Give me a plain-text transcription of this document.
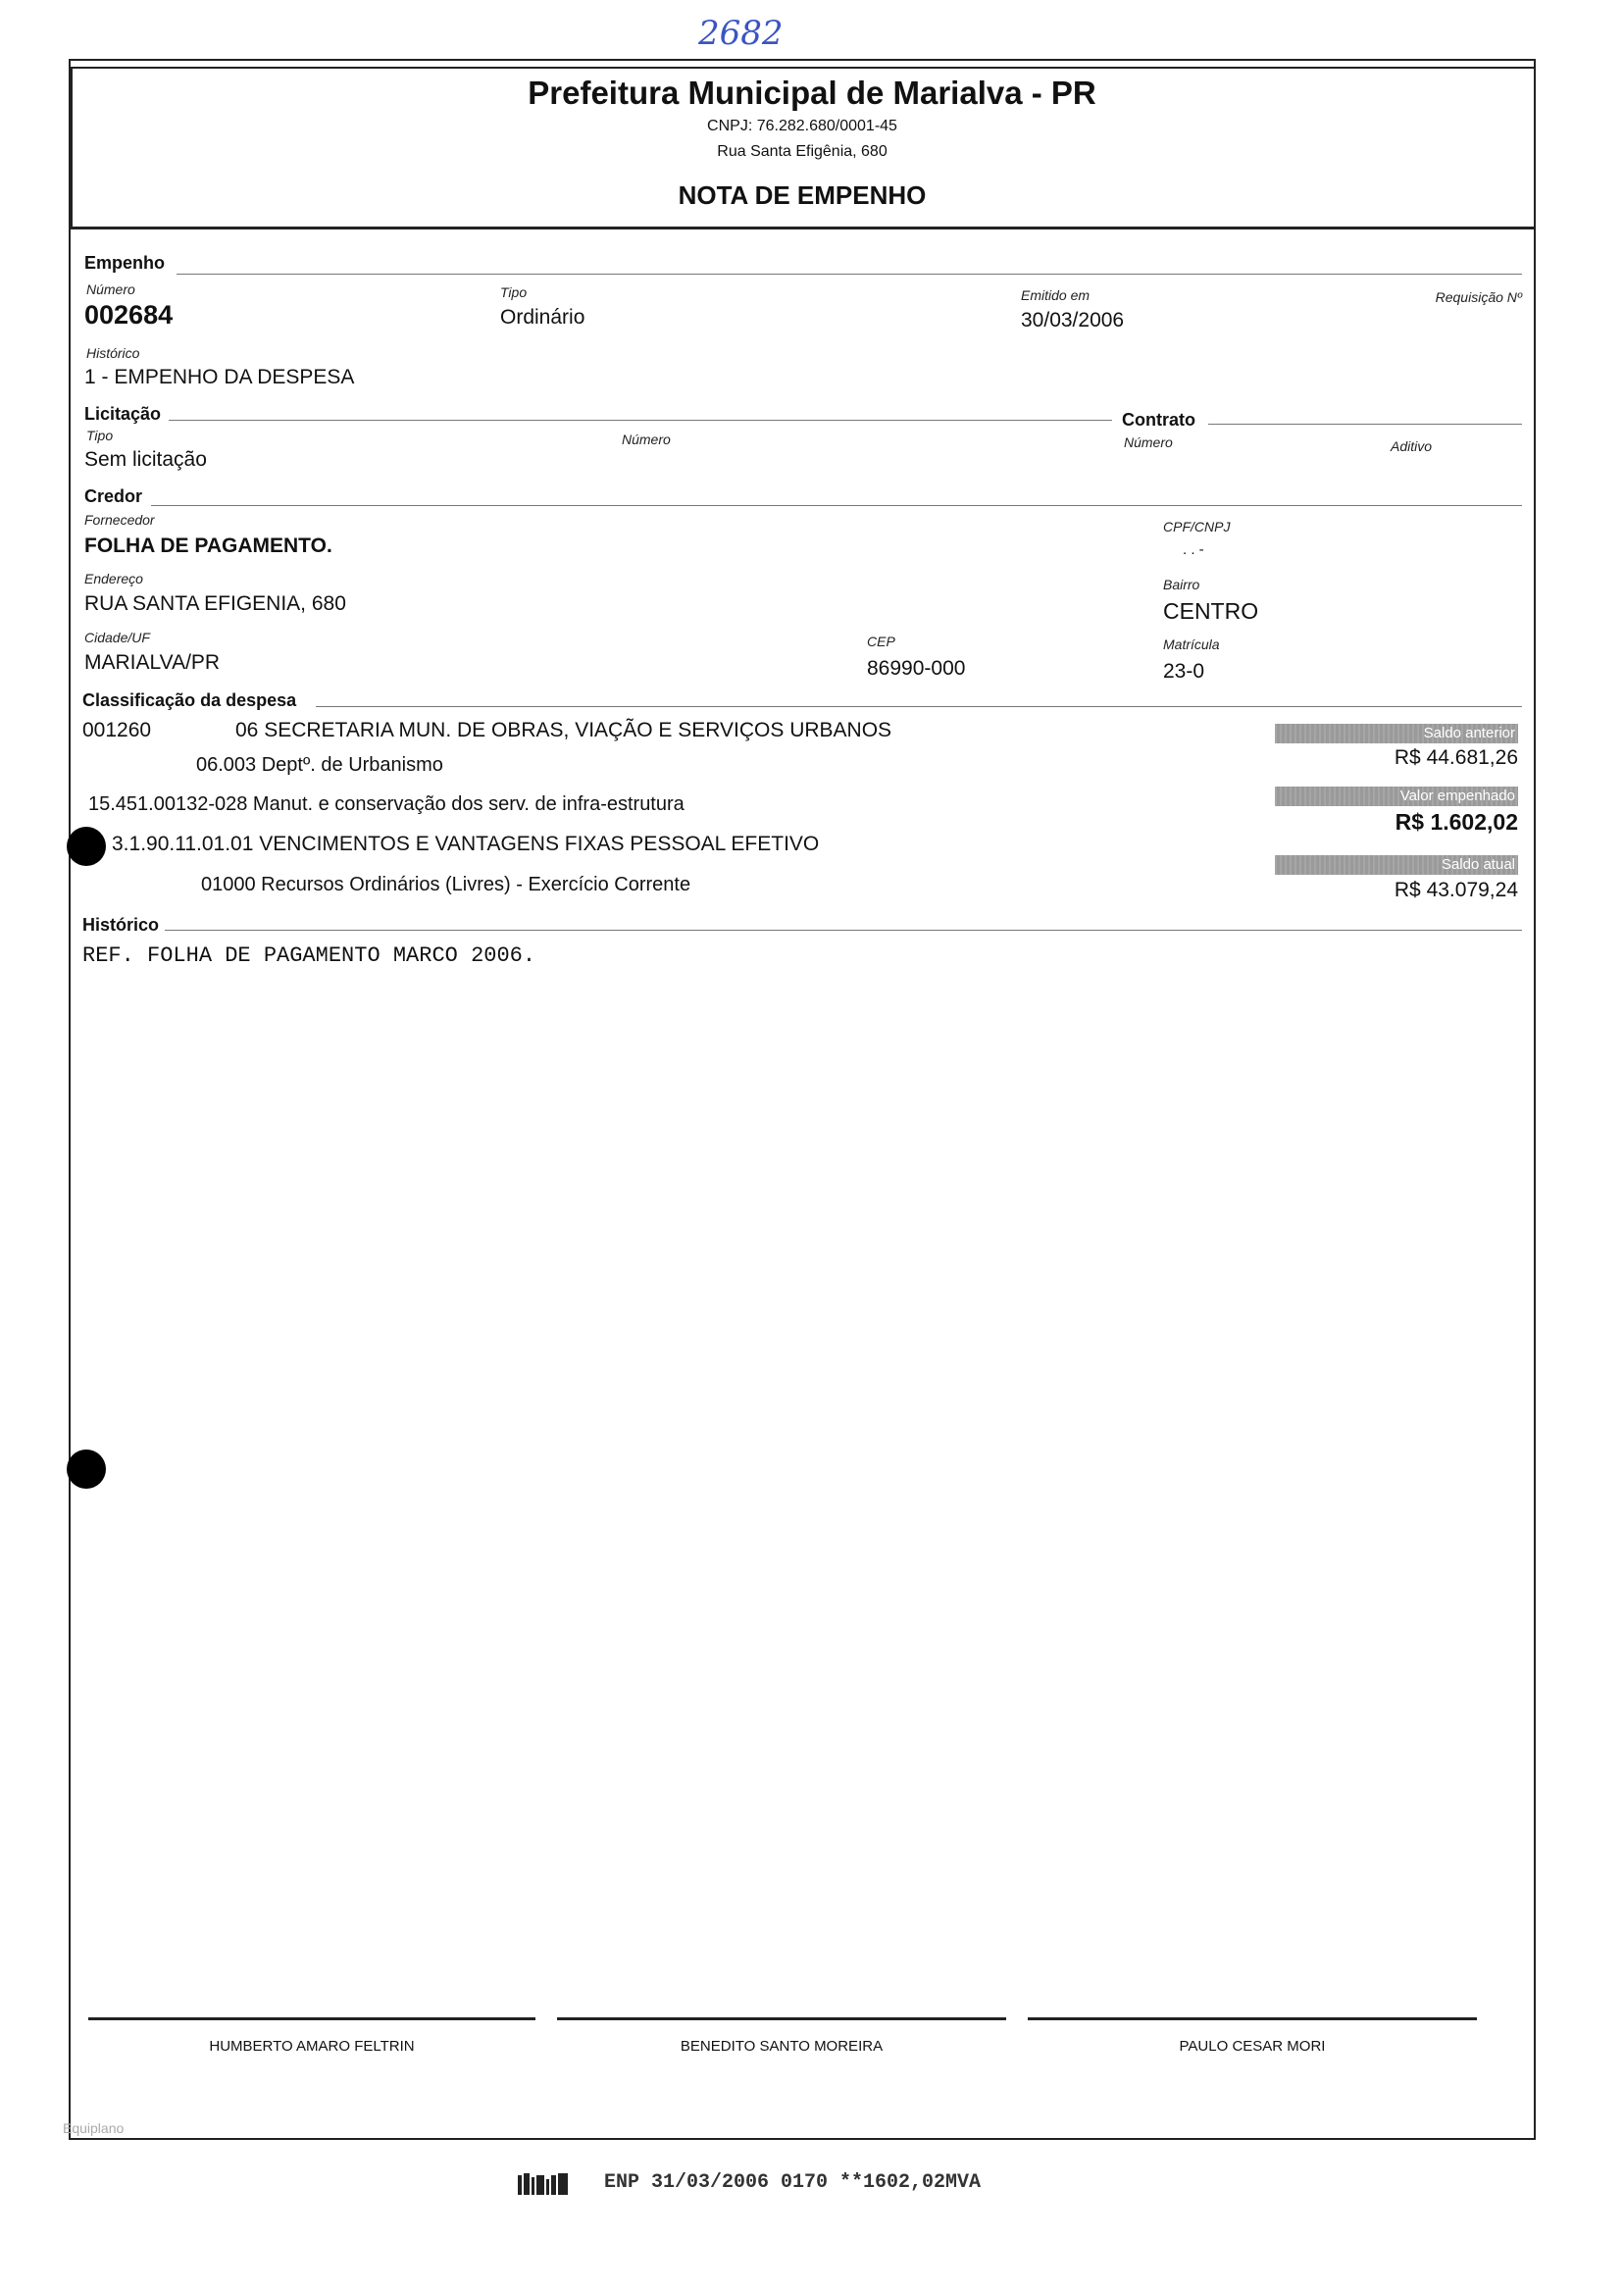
2682
Prefeitura Municipal de Marialva - PR
CNPJ: 76.282.680/0001-45
Rua Santa Efigênia, 680
NOTA DE EMPENHO
Empenho
Número
002684
Tipo
Ordinário
Emitido em
30/03/2006
Requisição Nº
Histórico
1 - EMPENHO DA DESPESA
Licitação	Contrato
Tipo
Sem licitação
Número	Número	Aditivo
Credor
Fornecedor
FOLHA DE PAGAMENTO.
CPF/CNPJ
. . -
Endereço
RUA SANTA EFIGENIA, 680
Bairro
CENTRO
Cidade/UF
MARIALVA/PR
CEP
86990-000
Matrícula
23-0
Classificação da despesa
001260	06 SECRETARIA MUN. DE OBRAS, VIAÇÃO E SERVIÇOS URBANOS
06.003 Deptº. de Urbanismo
15.451.00132-028 Manut. e conservação dos serv. de infra-estrutura
3.1.90.11.01.01 VENCIMENTOS E VANTAGENS FIXAS PESSOAL EFETIVO
01000 Recursos Ordinários (Livres) - Exercício Corrente
Saldo anterior
R$ 44.681,26
Valor empenhado
R$ 1.602,02
Saldo atual
R$ 43.079,24
Histórico
REF. FOLHA DE PAGAMENTO MARCO 2006.
HUMBERTO AMARO FELTRIN	BENEDITO SANTO MOREIRA	PAULO CESAR MORI
Equiplano
ENP 31/03/2006 0170 **1602,02MVA
